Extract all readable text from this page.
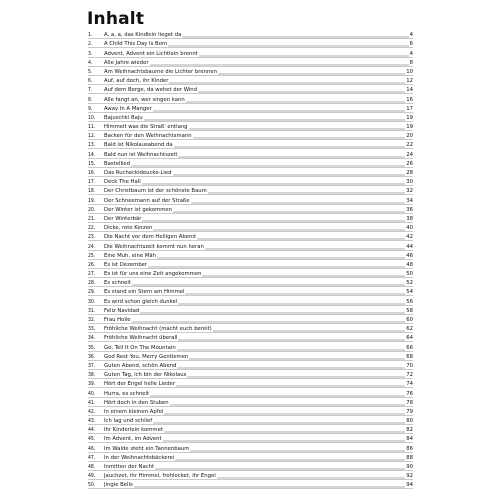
Inhalt
1.	A, a, a, das Kindlein lieget da	4
2.	A Child This Day Is Born	6
3.	Advent, Advent ein Lichtlein brennt	4
4.	Alle Jahre wieder	8
5.	Am Weihnachtsbaume die Lichter brennen	10
6.	Auf, auf doch, ihr Kinder	12
7.	Auf dem Berge, da wehet der Wind	14
8.	Alle fangt an, wer singen kann	16
9.	Away In A Manger	17
10.	Bajuschki Baju	19
11.	Himmelt was die Straß' entlang	19
12.	Backen für den Weihnachtsmann	20
13.	Bald ist Nikolausabend da	22
14.	Bald nun ist Weihnachtszeit	24
15.	Bastellied	26
16.	Das Rucheckideucke-Lied	28
17.	Deck The Hall	30
18.	Der Christbaum ist der schönste Baum	32
19.	Der Schneemann auf der Straße	34
20.	Der Winter ist gekommen	36
21.	Der Winterbär	38
22.	Dicke, rote Kerzen	40
23.	Die Nacht vor dem Heiligen Abend	42
24.	Die Weihnachtszeit kommt nun heran	44
25.	Eine Muh, eine Mäh	46
26.	Es ist Dezember	48
27.	Es ist für uns eine Zeit angekommen	50
28.	Es schneit	52
29.	Es stand ein Stern am Himmel	54
30.	Es wird schon gleich dunkel	56
31.	Feliz Navidad	58
32.	Frau Holle	60
33.	Fröhliche Weihnacht (macht euch bereit)	62
34.	Fröhliche Weihnacht überall	64
35.	Go, Tell It On The Mountain	66
36.	God Rest You, Merry Gentlemen	68
37.	Guten Abend, schön Abend	70
38.	Guten Tag, ich bin der Nikolaus	72
39.	Hört der Engel helle Lieder	74
40.	Hurra, es schneit	76
41.	Hört doch in den Stuben	78
42.	In einem kleinen Apfel	79
43.	Ich lag und schlief	80
44.	Ihr Kinderlein kommet	82
45.	Im Advent, im Advent	84
46.	Im Walde steht ein Tannenbaum	86
47.	In der Weihnachtsbäckerei	88
48.	Inmitten der Nacht	90
49.	Jauchzet, ihr Himmel, frohlocket, ihr Engel	92
50.	Jingle Bells	94
